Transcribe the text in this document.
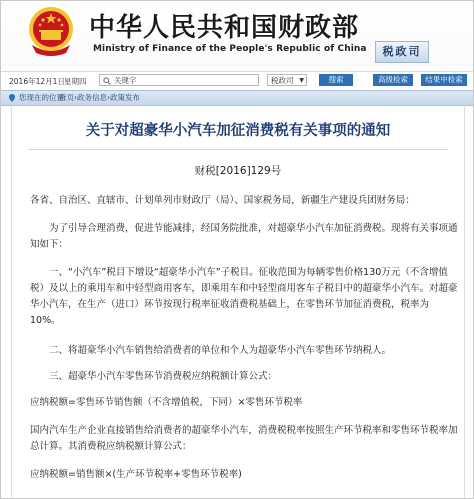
中华人民共和国财政部
Ministry of Finance of the People's Republic of China	税政司
2016年12月1日 星期四	关键字	税政司 ▼	搜索	高级检索	结果中检索
您现在的位置：
首页›政务信息›政策发布
关于对超豪华小汽车加征消费税有关事项的通知
财税[2016]129号
各省、自治区、直辖市、计划单列市财政厅（局）、国家税务局，新疆生产建设兵团财务局：
为了引导合理消费，促进节能减排，经国务院批准，对超豪华小汽车加征消费税。现将有关事项通知如下：
一、“小汽车”税目下增设“超豪华小汽车”子税目。征收范围为每辆零售价格130万元（不含增值税）及以上的乘用车和中轻型商用客车，即乘用车和中轻型商用客车子税目中的超豪华小汽车。对超豪华小汽车，在生产（进口）环节按现行税率征收消费税基础上，在零售环节加征消费税，税率为10%。
二、将超豪华小汽车销售给消费者的单位和个人为超豪华小汽车零售环节纳税人。
三、超豪华小汽车零售环节消费税应纳税额计算公式：
应纳税额=零售环节销售额（不含增值税，下同）×零售环节税率
国内汽车生产企业直接销售给消费者的超豪华小汽车，消费税税率按照生产环节税率和零售环节税率加总计算。其消费税应纳税额计算公式：
应纳税额=销售额×(生产环节税率+零售环节税率)
